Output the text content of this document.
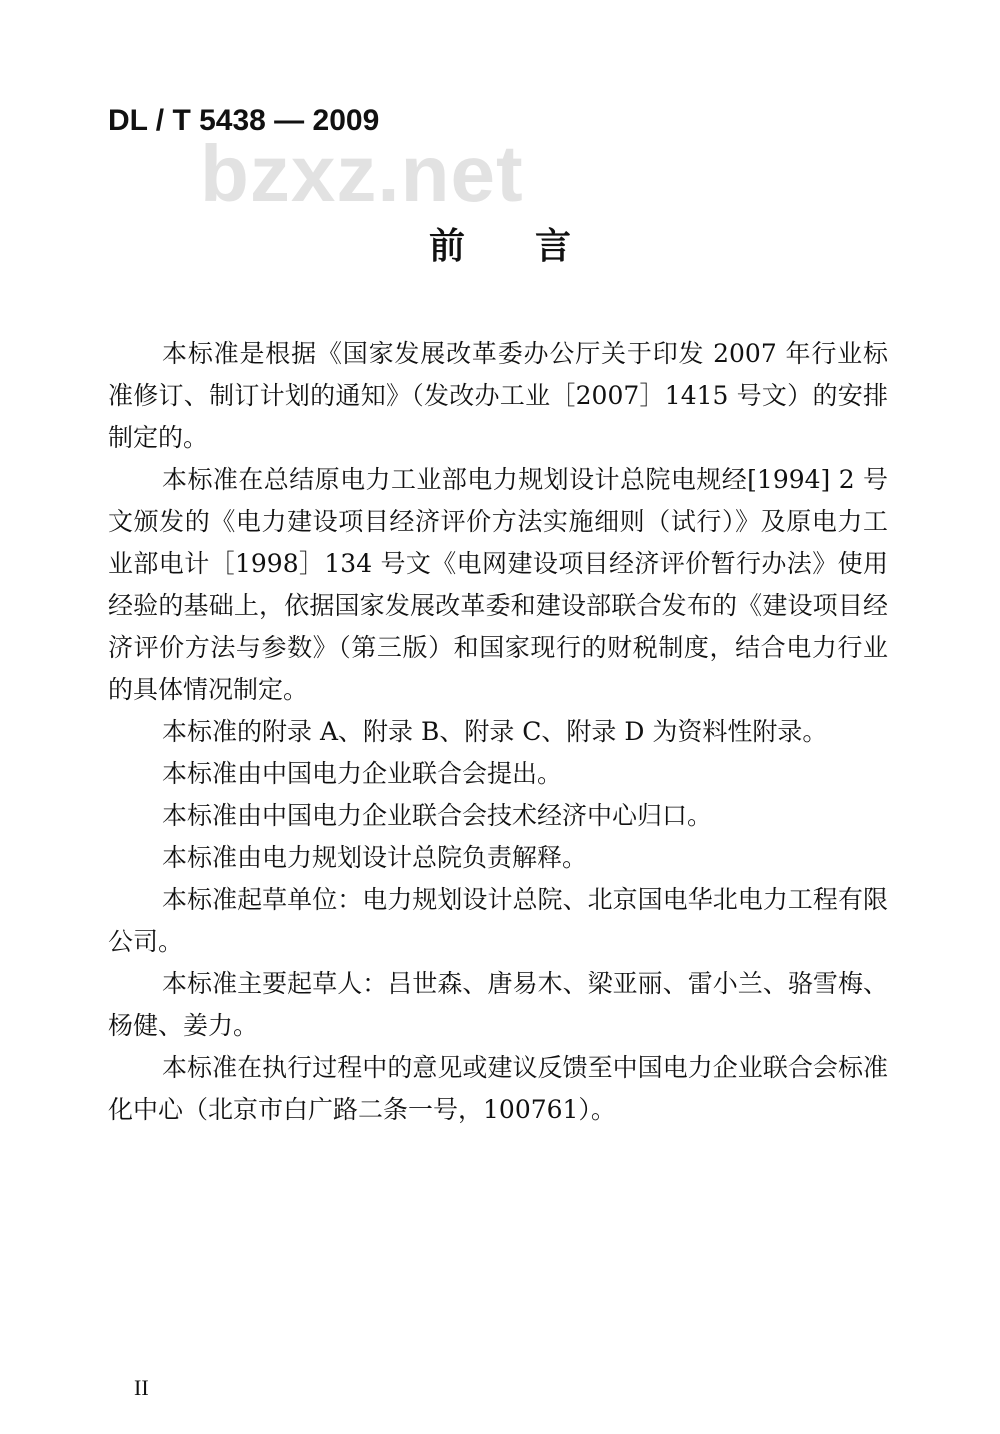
DL / T 5438 — 2009
bzxz.net
前言

本标准是根据《国家发展改革委办公厅关于印发 2007 年行业标准修订、制订计划的通知》（发改办工业［2007］1415 号文）的安排制定的。

本标准在总结原电力工业部电力规划设计总院电规经[1994] 2 号文颁发的《电力建设项目经济评价方法实施细则（试行）》及原电力工业部电计［1998］134 号文《电网建设项目经济评价暂行办法》使用经验的基础上，依据国家发展改革委和建设部联合发布的《建设项目经济评价方法与参数》（第三版）和国家现行的财税制度，结合电力行业的具体情况制定。

本标准的附录 A、附录 B、附录 C、附录 D 为资料性附录。

本标准由中国电力企业联合会提出。

本标准由中国电力企业联合会技术经济中心归口。

本标准由电力规划设计总院负责解释。

本标准起草单位：电力规划设计总院、北京国电华北电力工程有限公司。

本标准主要起草人：吕世森、唐易木、梁亚丽、雷小兰、骆雪梅、杨健、姜力。

本标准在执行过程中的意见或建议反馈至中国电力企业联合会标准化中心（北京市白广路二条一号，100761）。

II
